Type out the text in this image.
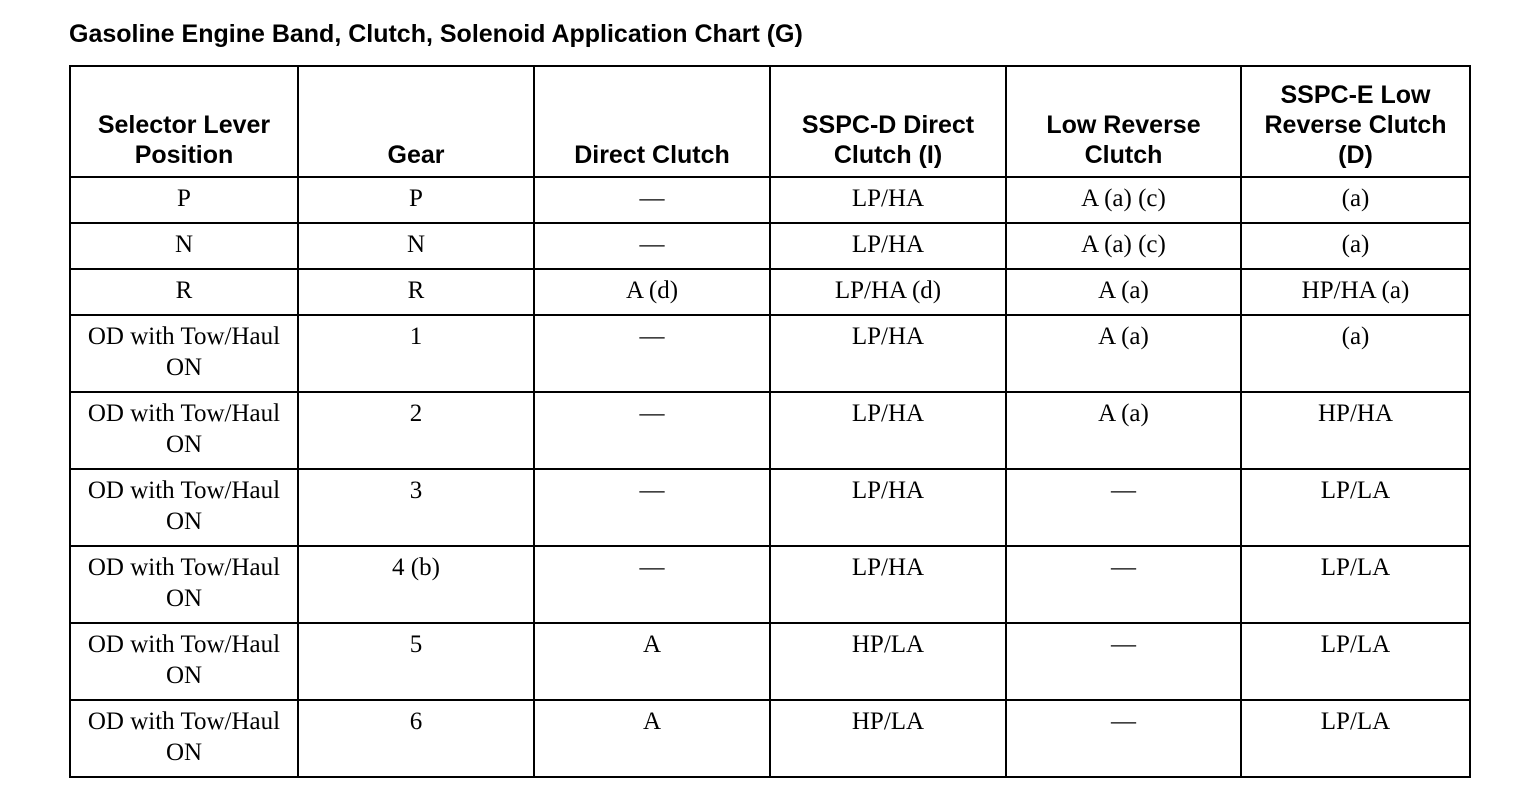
Gasoline Engine Band, Clutch, Solenoid Application Chart (G)
Selector Lever Position	Gear	Direct Clutch	SSPC-D Direct Clutch (I)	Low Reverse Clutch	SSPC-E Low Reverse Clutch (D)
P	P	—	LP/HA	A (a) (c)	(a)
N	N	—	LP/HA	A (a) (c)	(a)
R	R	A (d)	LP/HA (d)	A (a)	HP/HA (a)
OD with Tow/Haul ON	1	—	LP/HA	A (a)	(a)
OD with Tow/Haul ON	2	—	LP/HA	A (a)	HP/HA
OD with Tow/Haul ON	3	—	LP/HA	—	LP/LA
OD with Tow/Haul ON	4 (b)	—	LP/HA	—	LP/LA
OD with Tow/Haul ON	5	A	HP/LA	—	LP/LA
OD with Tow/Haul ON	6	A	HP/LA	—	LP/LA
